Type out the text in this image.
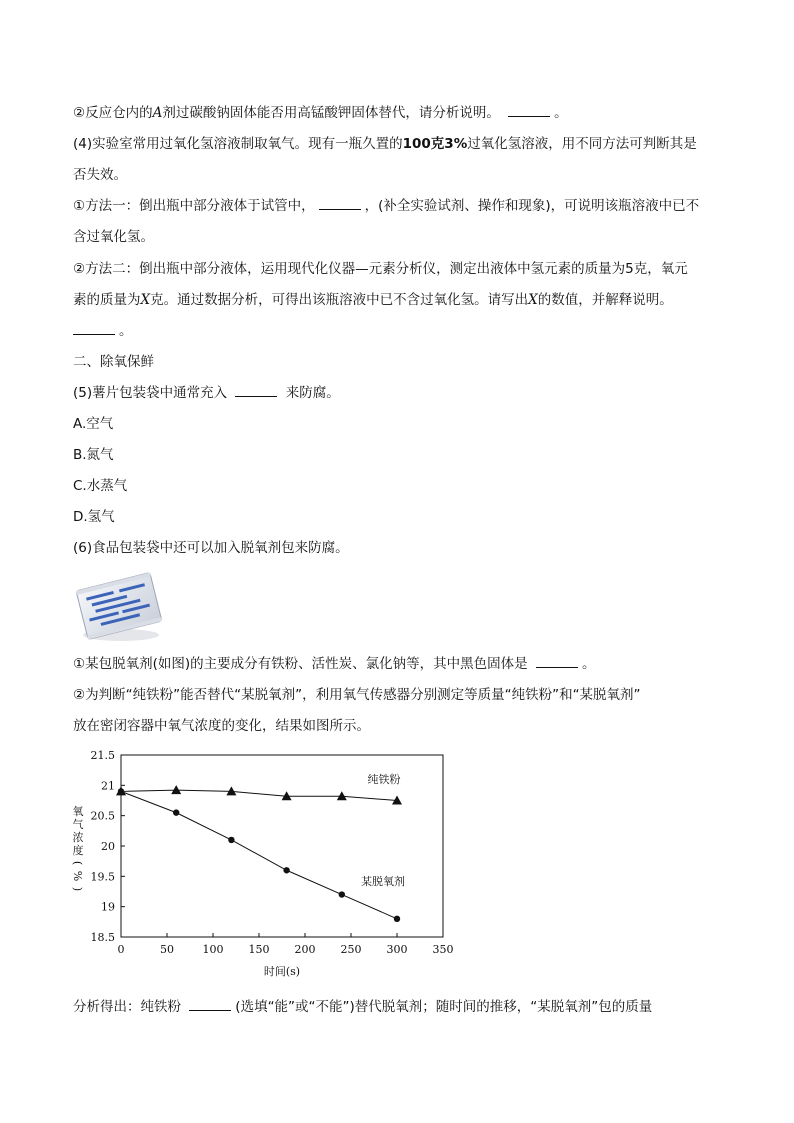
②反应仓内的A剂过碳酸钠固体能否用高锰酸钾固体替代，请分析说明。	。
(4)实验室常用过氧化氢溶液制取氧气。现有一瓶久置的100克3%过氧化氢溶液，用不同方法可判断其是
否失效。
①方法一：倒出瓶中部分液体于试管中，	，(补全实验试剂、操作和现象)，可说明该瓶溶液中已不
含过氧化氢。
②方法二：倒出瓶中部分液体，运用现代化仪器—元素分析仪，测定出液体中氢元素的质量为5克，氧元
素的质量为X克。通过数据分析，可得出该瓶溶液中已不含过氧化氢。请写出X的数值，并解释说明。
。
二、除氧保鲜
(5)薯片包装袋中通常充入	来防腐。
A.空气
B.氮气
C.水蒸气
D.氢气
(6)食品包装袋中还可以加入脱氧剂包来防腐。
①某包脱氧剂(如图)的主要成分有铁粉、活性炭、氯化钠等，其中黑色固体是	。
②为判断“纯铁粉”能否替代“某脱氧剂”，利用氧气传感器分别测定等质量“纯铁粉”和“某脱氧剂”
放在密闭容器中氧气浓度的变化，结果如图所示。
0	50	100 150 200 250 300 350
18.5
19
19.5
20
20.5
21
21.5
时间(s)
纯铁粉
某脱氧剂
氧
气
浓
度
(
%
)
分析得出：纯铁粉	(选填“能”或“不能”)替代脱氧剂；随时间的推移，“某脱氧剂”包的质量
